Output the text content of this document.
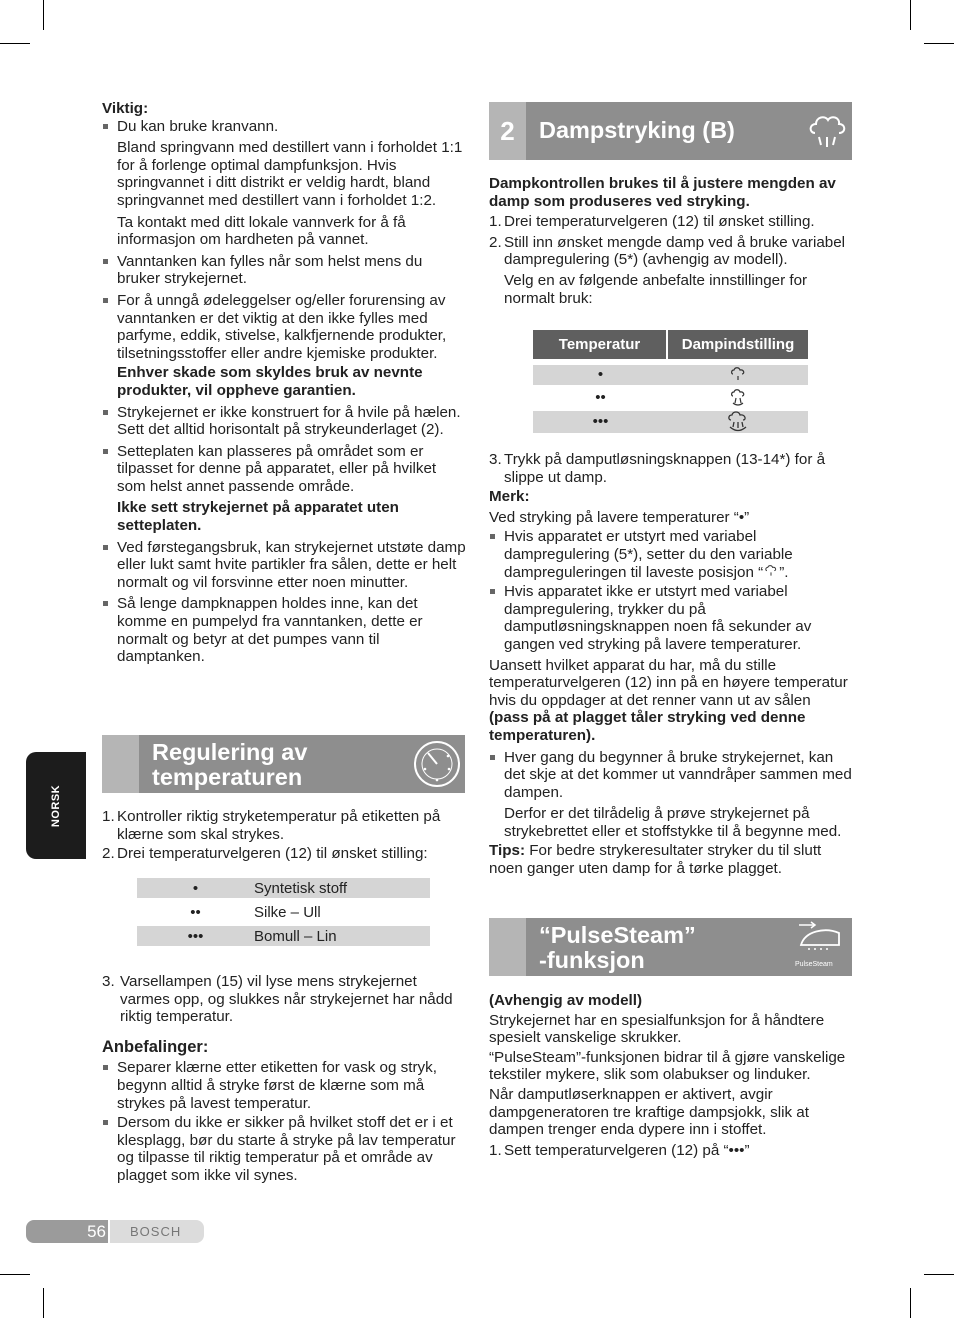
NORSK

Viktig:

Du kan bruke kranvann.

Bland springvann med destillert vann i forholdet 1:1 for å forlenge optimal dampfunksjon. Hvis springvannet i ditt distrikt er veldig hardt, bland springvannet med destillert vann i forholdet 1:2.

Ta kontakt med ditt lokale vannverk for å få informasjon om hardheten på vannet.

Vanntanken kan fylles når som helst mens du bruker strykejernet.

For å unngå ødeleggelser og/eller forurensing av vanntanken er det viktig at den ikke fylles med parfyme, eddik, stivelse, kalkfjernende produkter, tilsetningsstoffer eller andre kjemiske produkter.

Enhver skade som skyldes bruk av nevnte produkter, vil oppheve garantien.

Strykejernet er ikke konstruert for å hvile på hælen. Sett det alltid horisontalt på strykeunderlaget (2).

Setteplaten kan plasseres på området som er tilpasset for denne på apparatet, eller på hvilket som helst annet passende område.

Ikke sett strykejernet på apparatet uten setteplaten.

Ved førstegangsbruk, kan strykejernet utstøte damp eller lukt samt hvite partikler fra sålen, dette er helt normalt og vil forsvinne etter noen minutter.

Så lenge dampknappen holdes inne, kan det komme en pumpelyd fra vanntanken, dette er normalt og betyr at det pumpes vann til damptanken.

Regulering av
temperaturen
1. Kontroller riktig stryketemperatur på etiketten på klærne som skal strykes.
2. Drei temperaturvelgeren (12) til ønsket stilling:
•	Syntetisk stoff
••	Silke – Ull
•••	Bomull – Lin
3. Varsellampen (15) vil lyse mens strykejernet varmes opp, og slukkes når strykejernet har nådd riktig temperatur.

Anbefalinger:

Separer klærne etter etiketten for vask og stryk, begynn alltid å stryke først de klærne som må strykes på lavest temperatur.

Dersom du ikke er sikker på hvilket stoff det er i et klesplagg, bør du starte å stryke på lav temperatur og tilpasse til riktig temperatur på et område av plagget som ikke vil synes.

2	Dampstryking (B)

Dampkontrollen brukes til å justere mengden av damp som produseres ved stryking.

1. Drei temperaturvelgeren (12) til ønsket stilling.
2. Still inn ønsket mengde damp ved å bruke variabel dampregulering (5*) (avhengig av modell).

Velg en av følgende anbefalte innstillinger for normalt bruk:

Temperatur	Dampindstilling
•
••
•••
3. Trykk på damputløsningsknappen (13-14*) for å slippe ut damp.

Merk:

Ved stryking på lavere temperaturer “•”

Hvis apparatet er utstyrt med variabel dampregulering (5*), setter du den variable dampreguleringen til laveste posisjon “ ”.

Hvis apparatet ikke er utstyrt med variabel dampregulering, trykker du på damputløsningsknappen noen få sekunder av gangen ved stryking på lavere temperaturer.

Uansett hvilket apparat du har, må du stille temperaturvelgeren (12) inn på en høyere temperatur hvis du oppdager at det renner vann ut av sålen (pass på at plagget tåler stryking ved denne temperaturen).

Hver gang du begynner å bruke strykejernet, kan det skje at det kommer ut vanndråper sammen med dampen.

Derfor er det tilrådelig å prøve strykejernet på strykebrettet eller et stoffstykke til å begynne med.

Tips: For bedre strykeresultater stryker du til slutt noen ganger uten damp for å tørke plagget.

“PulseSteam”
-funksjon	PulseSteam

(Avhengig av modell)

Strykejernet har en spesialfunksjon for å håndtere spesielt vanskelige skrukker.

“PulseSteam”-funksjonen bidrar til å gjøre vanskelige tekstiler mykere, slik som olabukser og linduker.

Når damputløserknappen er aktivert, avgir dampgeneratoren tre kraftige dampsjokk, slik at dampen trenger enda dypere inn i stoffet.

1. Sett temperaturvelgeren (12) på “•••”
56 BOSCH
